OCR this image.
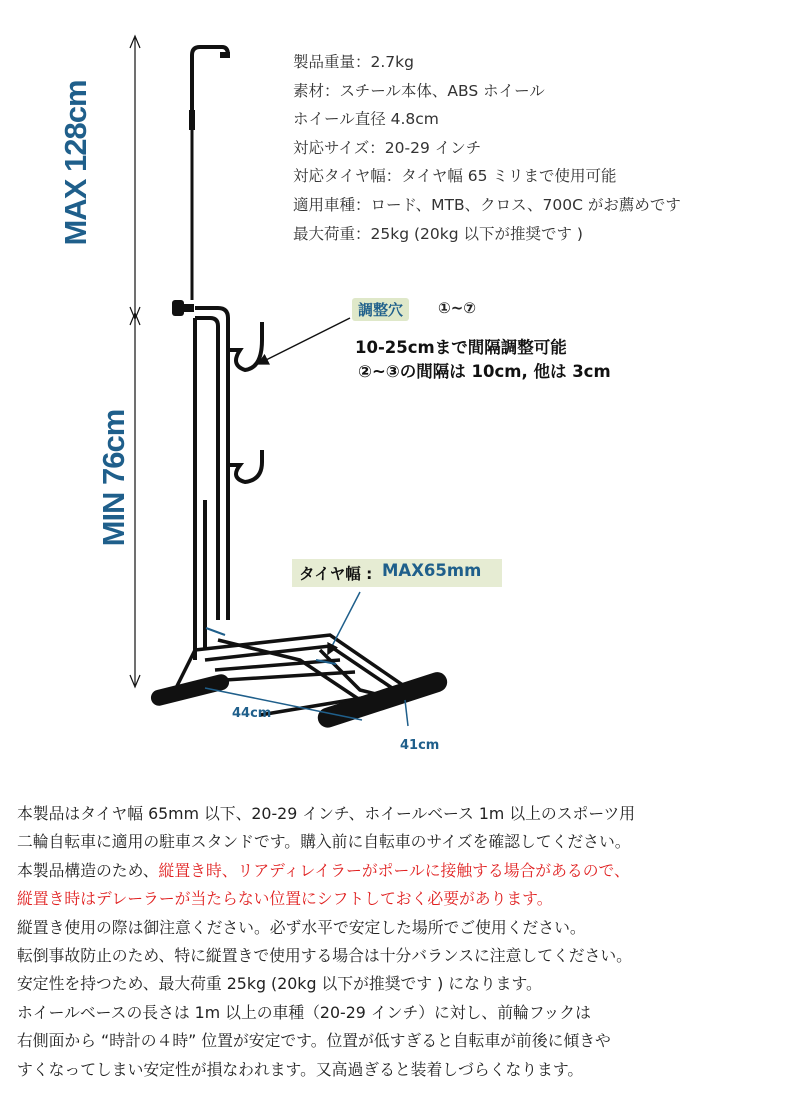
MAX 128cm
MIN 76cm
製品重量：2.7kg
素材：スチール本体、ABS ホイール
ホイール直径 4.8cm
対応サイズ：20-29 インチ
対応タイヤ幅：タイヤ幅 65 ミリまで使用可能
適用車種：ロード、MTB、クロス、700C がお薦めです
最大荷重：25kg (20kg 以下が推奨です )
調整穴	①~⑦
10-25cmまで間隔調整可能
②~③の間隔は 10cm, 他は 3cm
タイヤ幅 : MAX65mm
44cm
41cm
本製品はタイヤ幅 65mm 以下、20-29 インチ、ホイールベース 1m 以上のスポーツ用
二輪自転車に適用の駐車スタンドです。購入前に自転車のサイズを確認してください。
本製品構造のため、縦置き時、リアディレイラーがポールに接触する場合があるので、
縦置き時はデレーラーが当たらない位置にシフトしておく必要があります。
縦置き使用の際は御注意ください。必ず水平で安定した場所でご使用ください。
転倒事故防止のため、特に縦置きで使用する場合は十分バランスに注意してください。
安定性を持つため、最大荷重 25kg (20kg 以下が推奨です ) になります。
ホイールベースの長さは 1m 以上の車種（20-29 インチ）に対し、前輪フックは
右側面から “時計の４時” 位置が安定です。位置が低すぎると自転車が前後に傾きや
すくなってしまい安定性が損なわれます。又高過ぎると装着しづらくなります。
